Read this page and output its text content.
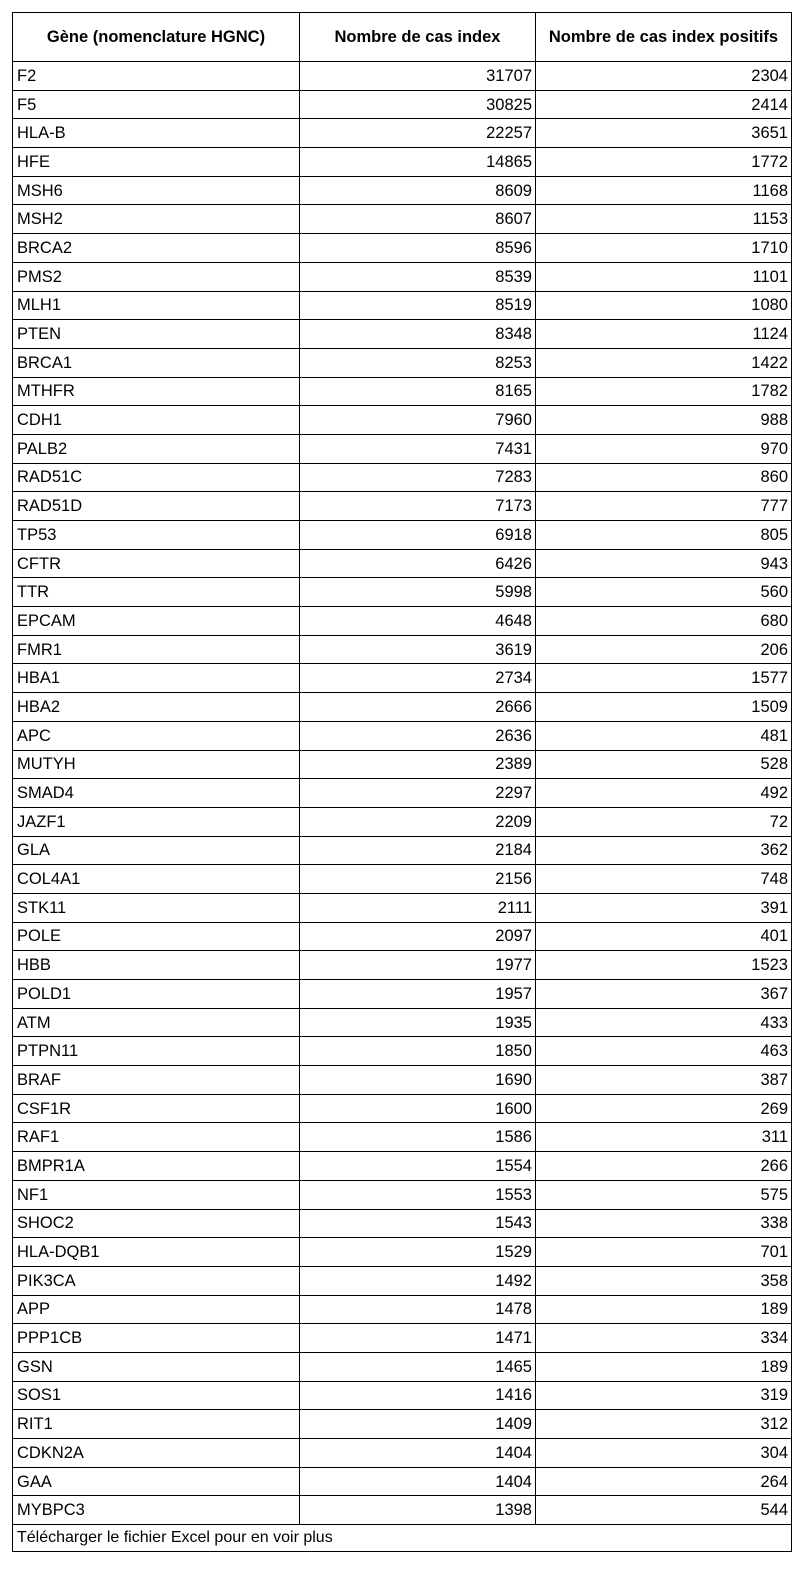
Gène (nomenclature HGNC)	Nombre de cas index	Nombre de cas index positifs
F2	31707	2304
F5	30825	2414
HLA-B	22257	3651
HFE	14865	1772
MSH6	8609	1168
MSH2	8607	1153
BRCA2	8596	1710
PMS2	8539	1101
MLH1	8519	1080
PTEN	8348	1124
BRCA1	8253	1422
MTHFR	8165	1782
CDH1	7960	988
PALB2	7431	970
RAD51C	7283	860
RAD51D	7173	777
TP53	6918	805
CFTR	6426	943
TTR	5998	560
EPCAM	4648	680
FMR1	3619	206
HBA1	2734	1577
HBA2	2666	1509
APC	2636	481
MUTYH	2389	528
SMAD4	2297	492
JAZF1	2209	72
GLA	2184	362
COL4A1	2156	748
STK11	2111	391
POLE	2097	401
HBB	1977	1523
POLD1	1957	367
ATM	1935	433
PTPN11	1850	463
BRAF	1690	387
CSF1R	1600	269
RAF1	1586	311
BMPR1A	1554	266
NF1	1553	575
SHOC2	1543	338
HLA-DQB1	1529	701
PIK3CA	1492	358
APP	1478	189
PPP1CB	1471	334
GSN	1465	189
SOS1	1416	319
RIT1	1409	312
CDKN2A	1404	304
GAA	1404	264
MYBPC3	1398	544
Télécharger le fichier Excel pour en voir plus		
